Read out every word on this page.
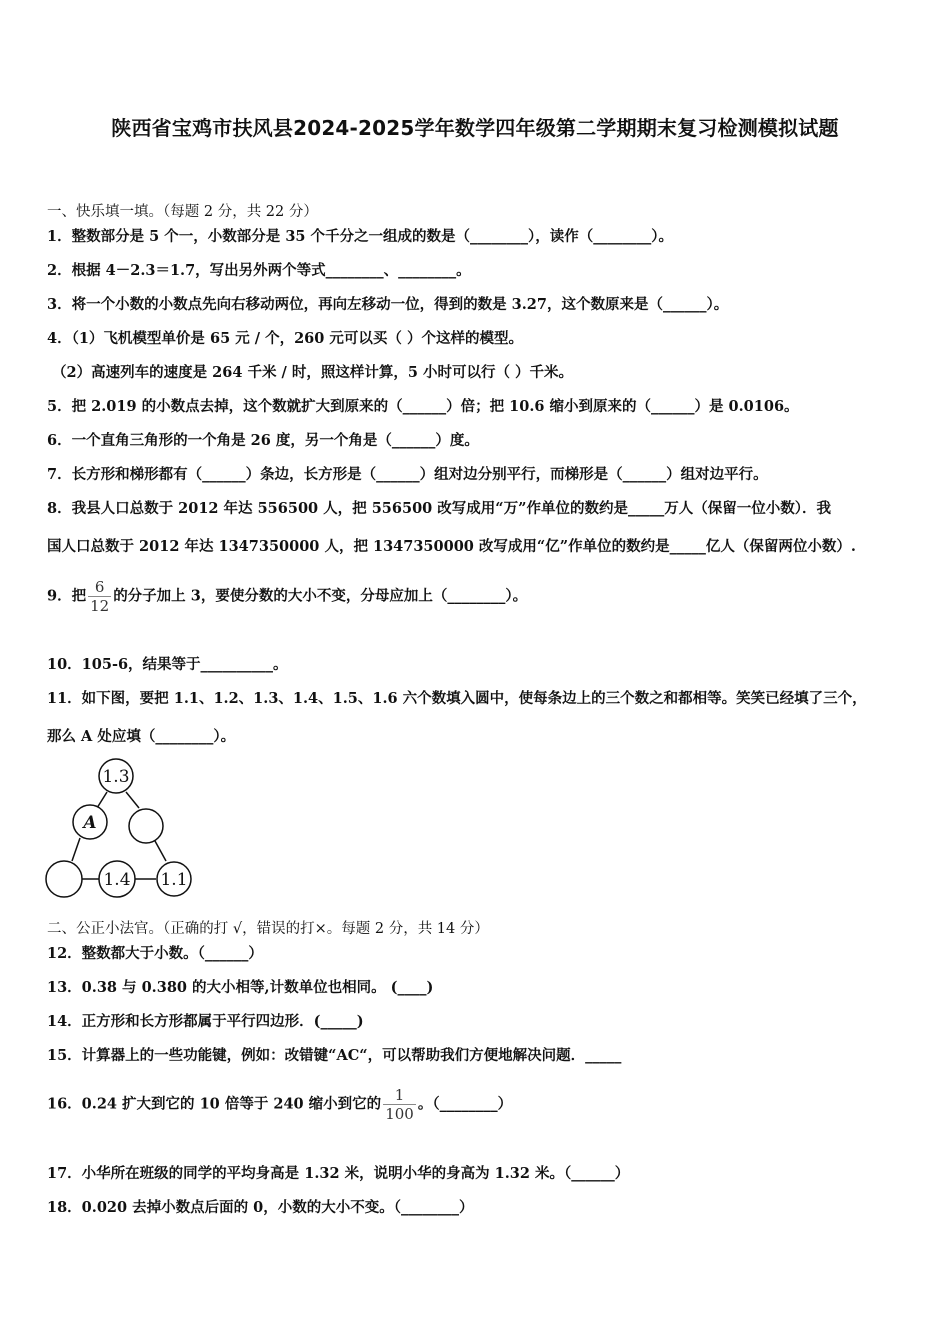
陕西省宝鸡市扶风县2024-2025学年数学四年级第二学期期末复习检测模拟试题
一、快乐填一填。（每题 2 分，共 22 分）
1．整数部分是 5 个一，小数部分是 35 个千分之一组成的数是（________），读作（________）。
2．根据 4－2.3＝1.7，写出另外两个等式________、________。
3．将一个小数的小数点先向右移动两位，再向左移动一位，得到的数是 3.27，这个数原来是（______）。
4．（1）飞机模型单价是 65 元 / 个，260 元可以买（ ）个这样的模型。
（2）高速列车的速度是 264 千米 / 时，照这样计算，5 小时可以行（ ）千米。
5．把 2.019 的小数点去掉，这个数就扩大到原来的（______）倍；把 10.6 缩小到原来的（______）是 0.0106。
6．一个直角三角形的一个角是 26 度，另一个角是（______）度。
7．长方形和梯形都有（______）条边，长方形是（______）组对边分别平行，而梯形是（______）组对边平行。
8．我县人口总数于 2012 年达 556500 人，把 556500 改写成用“万”作单位的数约是_____万人（保留一位小数）．我
国人口总数于 2012 年达 1347350000 人，把 1347350000 改写成用“亿”作单位的数约是_____亿人（保留两位小数）.
9．把 $\frac{6}{12}$ 的分子加上 3，要使分数的大小不变，分母应加上（________）。
10．105-6，结果等于__________。
11．如下图，要把 1.1、1.2、1.3、1.4、1.5、1.6 六个数填入圆中，使每条边上的三个数之和都相等。笑笑已经填了三个，
那么 A 处应填（________）。
1.3
A
1.4 1.1
二、公正小法官。（正确的打 √，错误的打×。每题 2 分，共 14 分）
12．整数都大于小数。（______）
13．0.38 与 0.380 的大小相等,计数单位也相同。 (____)
14．正方形和长方形都属于平行四边形．(_____)
15．计算器上的一些功能键，例如：改错键“AC“，可以帮助我们方便地解决问题．_____
16．0.24 扩大到它的 10 倍等于 240 缩小到它的 $\frac{1}{100}$ 。（________）
17．小华所在班级的同学的平均身高是 1.32 米，说明小华的身高为 1.32 米。（______）
18．0.020 去掉小数点后面的 0，小数的大小不变。（________）
